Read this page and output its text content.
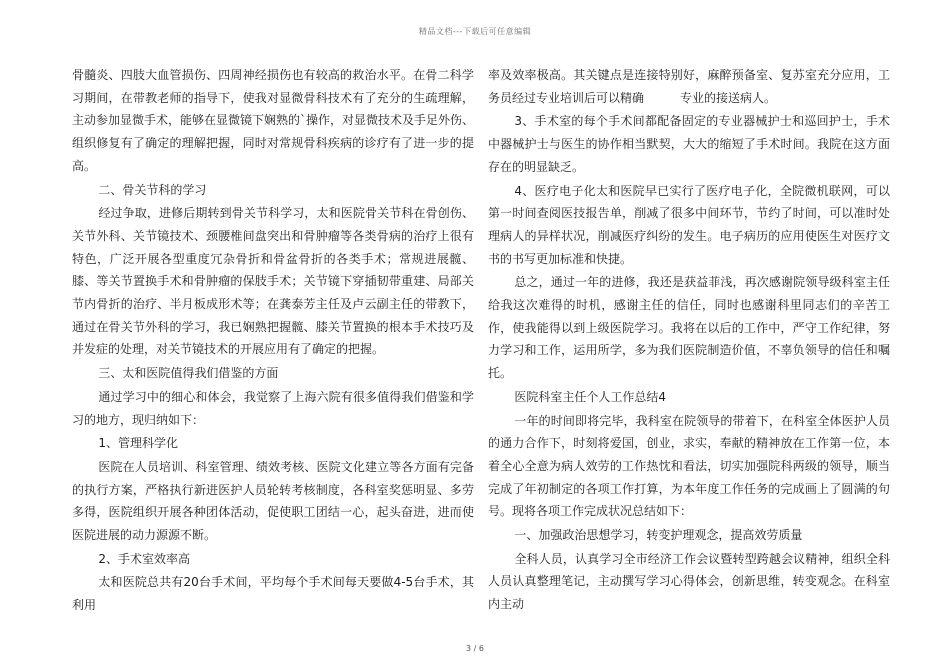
精品文档---下载后可任意编辑

骨髓炎、四肢大血管损伤、四周神经损伤也有较高的救治水平。在骨二科学习期间，在带教老师的指导下，使我对显微骨科技术有了充分的生疏理解，主动参加显微手术，能够在显微镜下娴熟的`操作，对显微技术及手足外伤、组织修复有了确定的理解把握，同时对常规骨科疾病的诊疗有了进一步的提高。

二、骨关节科的学习

经过争取，进修后期转到骨关节科学习，太和医院骨关节科在骨创伤、关节外科、关节镜技术、颈腰椎间盘突出和骨肿瘤等各类骨病的治疗上很有特色，广泛开展各型重度冗杂骨折和骨盆骨折的各类手术；常规进展髋、膝、等关节置换手术和骨肿瘤的保肢手术；关节镜下穿插韧带重建、局部关节内骨折的治疗、半月板成形术等；在龚泰芳主任及卢云副主任的带教下，通过在骨关节外科的学习，我已娴熟把握髋、膝关节置换的根本手术技巧及并发症的处理，对关节镜技术的开展应用有了确定的把握。

三、太和医院值得我们借鉴的方面

通过学习中的细心和体会，我觉察了上海六院有很多值得我们借鉴和学习的地方，现归纳如下：

1、管理科学化

医院在人员培训、科室管理、绩效考核、医院文化建立等各方面有完备的执行方案，严格执行新进医护人员轮转考核制度，各科室奖惩明显、多劳多得，医院组织开展各种团体活动，促使职工团结一心，起头奋进，进而使医院进展的动力源源不断。

2、手术室效率高

太和医院总共有20台手术间，平均每个手术间每天要做4-5台手术，其利用

率及效率极高。其关键点是连接特别好，麻醉预备室、复苏室充分应用，工务员经过专业培训后可以精确　　　专业的接送病人。

3、手术室的每个手术间都配备固定的专业器械护士和巡回护士，手术中器械护士与医生的协作相当默契，大大的缩短了手术时间。我院在这方面存在的明显缺乏。

4、医疗电子化太和医院早已实行了医疗电子化，全院微机联网，可以第一时间查阅医技报告单，削减了很多中间环节，节约了时间，可以准时处理病人的异样状况，削减医疗纠纷的发生。电子病历的应用使医生对医疗文书的书写更加标准和快捷。

总之，通过一年的进修，我还是获益菲浅，再次感谢院领导级科室主任给我这次难得的时机，感谢主任的信任，同时也感谢科里同志们的辛苦工作，使我能得以到上级医院学习。我将在以后的工作中，严守工作纪律，努力学习和工作，运用所学，多为我们医院制造价值，不辜负领导的信任和嘱托。

医院科室主任个人工作总结4

一年的时间即将完毕，我科室在院领导的带着下，在科室全体医护人员的通力合作下，时刻将爱国，创业，求实，奉献的精神放在工作第一位，本着全心全意为病人效劳的工作热忱和看法，切实加强院科两级的领导，顺当完成了年初制定的各项工作打算，为本年度工作任务的完成画上了圆满的句号。现将各项工作完成状况总结如下：

一、加强政治思想学习，转变护理观念，提高效劳质量

全科人员，认真学习全市经济工作会议暨转型跨越会议精神，组织全科人员认真整理笔记，主动撰写学习心得体会，创新思维，转变观念。在科室内主动

3 / 6
